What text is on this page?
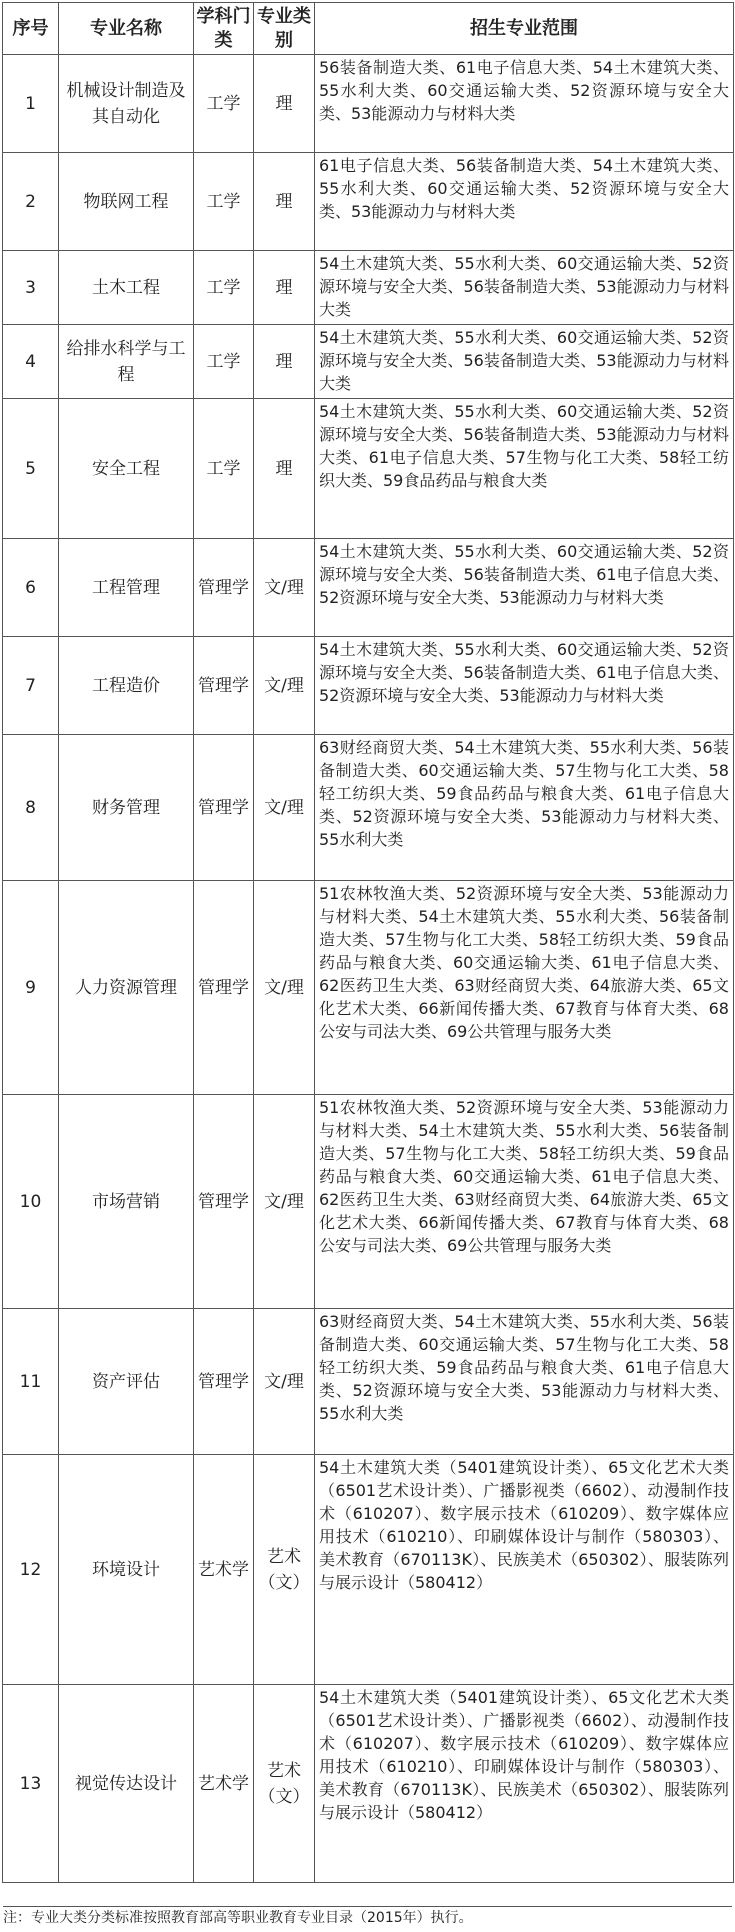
序号	专业名称	学科门类	专业类别	招生专业范围
1	机械设计制造及其自动化	工学	理	56装备制造大类、61电子信息大类、54土木建筑大类、55水利大类、60交通运输大类、52资源环境与安全大类、53能源动力与材料大类
2	物联网工程	工学	理	61电子信息大类、56装备制造大类、54土木建筑大类、55水利大类、60交通运输大类、52资源环境与安全大类、53能源动力与材料大类
3	土木工程	工学	理	54土木建筑大类、55水利大类、60交通运输大类、52资源环境与安全大类、56装备制造大类、53能源动力与材料大类
4	给排水科学与工程	工学	理	54土木建筑大类、55水利大类、60交通运输大类、52资源环境与安全大类、56装备制造大类、53能源动力与材料大类
5	安全工程	工学	理	54土木建筑大类、55水利大类、60交通运输大类、52资源环境与安全大类、56装备制造大类、53能源动力与材料大类、61电子信息大类、57生物与化工大类、58轻工纺织大类、59食品药品与粮食大类
6	工程管理	管理学	文/理	54土木建筑大类、55水利大类、60交通运输大类、52资源环境与安全大类、56装备制造大类、61电子信息大类、52资源环境与安全大类、53能源动力与材料大类
7	工程造价	管理学	文/理	54土木建筑大类、55水利大类、60交通运输大类、52资源环境与安全大类、56装备制造大类、61电子信息大类、52资源环境与安全大类、53能源动力与材料大类
8	财务管理	管理学	文/理	63财经商贸大类、54土木建筑大类、55水利大类、56装备制造大类、60交通运输大类、57生物与化工大类、58轻工纺织大类、59食品药品与粮食大类、61电子信息大类、52资源环境与安全大类、53能源动力与材料大类、55水利大类
9	人力资源管理	管理学	文/理	51农林牧渔大类、52资源环境与安全大类、53能源动力与材料大类、54土木建筑大类、55水利大类、56装备制造大类、57生物与化工大类、58轻工纺织大类、59食品药品与粮食大类、60交通运输大类、61电子信息大类、62医药卫生大类、63财经商贸大类、64旅游大类、65文化艺术大类、66新闻传播大类、67教育与体育大类、68公安与司法大类、69公共管理与服务大类
10	市场营销	管理学	文/理	51农林牧渔大类、52资源环境与安全大类、53能源动力与材料大类、54土木建筑大类、55水利大类、56装备制造大类、57生物与化工大类、58轻工纺织大类、59食品药品与粮食大类、60交通运输大类、61电子信息大类、62医药卫生大类、63财经商贸大类、64旅游大类、65文化艺术大类、66新闻传播大类、67教育与体育大类、68公安与司法大类、69公共管理与服务大类
11	资产评估	管理学	文/理	63财经商贸大类、54土木建筑大类、55水利大类、56装备制造大类、60交通运输大类、57生物与化工大类、58轻工纺织大类、59食品药品与粮食大类、61电子信息大类、52资源环境与安全大类、53能源动力与材料大类、55水利大类
12	环境设计	艺术学	艺术（文）	54土木建筑大类（5401建筑设计类）、65文化艺术大类（6501艺术设计类）、广播影视类（6602）、动漫制作技术（610207）、数字展示技术（610209）、数字媒体应用技术（610210）、印刷媒体设计与制作（580303）、美术教育（670113K）、民族美术（650302）、服装陈列与展示设计（580412）
13	视觉传达设计	艺术学	艺术（文）	54土木建筑大类（5401建筑设计类）、65文化艺术大类（6501艺术设计类）、广播影视类（6602）、动漫制作技术（610207）、数字展示技术（610209）、数字媒体应用技术（610210）、印刷媒体设计与制作（580303）、美术教育（670113K）、民族美术（650302）、服装陈列与展示设计（580412）
注：专业大类分类标准按照教育部高等职业教育专业目录（2015年）执行。
